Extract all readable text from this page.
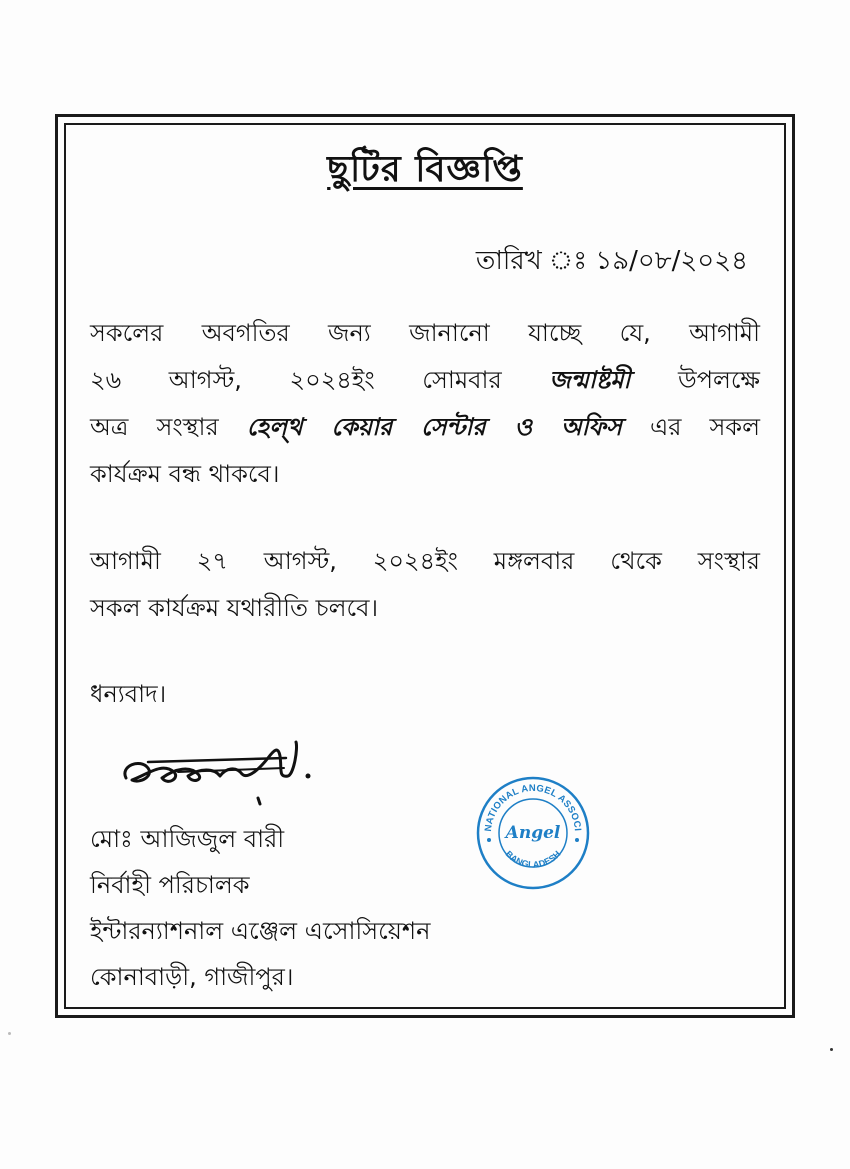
ছুটির বিজ্ঞপ্তি
তারিখ ঃ ১৯/০৮/২০২৪
সকলের অবগতির জন্য জানানো যাচ্ছে যে, আগামী
২৬ আগস্ট, ২০২৪ইং সোমবার জন্মাষ্টমী উপলক্ষে
অত্র সংস্থার হেল্থ কেয়ার সেন্টার ও অফিস এর সকল
কার্যক্রম বন্ধ থাকবে।
আগামী ২৭ আগস্ট, ২০২৪ইং মঙ্গলবার থেকে সংস্থার
সকল কার্যক্রম যথারীতি চলবে।
ধন্যবাদ।
মোঃ আজিজুল বারী
নির্বাহী পরিচালক
ইন্টারন্যাশনাল এঞ্জেল এসোসিয়েশন
কোনাবাড়ী, গাজীপুর।
NATIONAL ANGEL ASSOCI
BANGLADESH
Angel
